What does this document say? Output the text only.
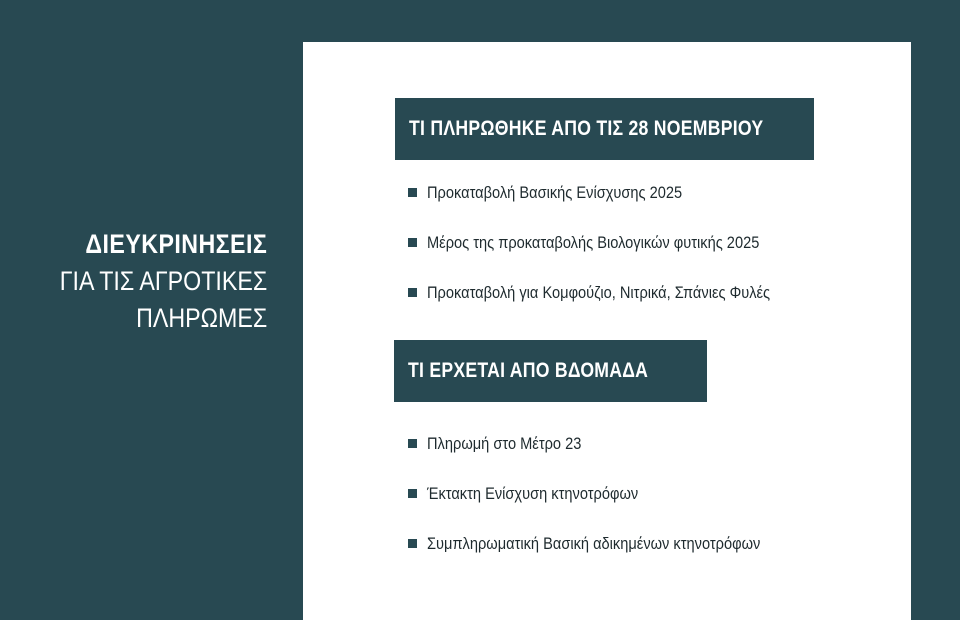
ΔΙΕΥΚΡΙΝΗΣΕΙΣ
ΓΙΑ ΤΙΣ ΑΓΡΟΤΙΚΕΣ
ΠΛΗΡΩΜΕΣ
ΤΙ ΠΛΗΡΩΘΗΚΕ ΑΠΟ ΤΙΣ 28 ΝΟΕΜΒΡΙΟΥ
Προκαταβολή Βασικής Ενίσχυσης 2025
Μέρος της προκαταβολής Βιολογικών φυτικής 2025
Προκαταβολή για Κομφούζιο, Νιτρικά, Σπάνιες Φυλές
ΤΙ ΕΡΧΕΤΑΙ ΑΠΟ ΒΔΟΜΑΔΑ
Πληρωμή στο Μέτρο 23
Έκτακτη Ενίσχυση κτηνοτρόφων
Συμπληρωματική Βασική αδικημένων κτηνοτρόφων
